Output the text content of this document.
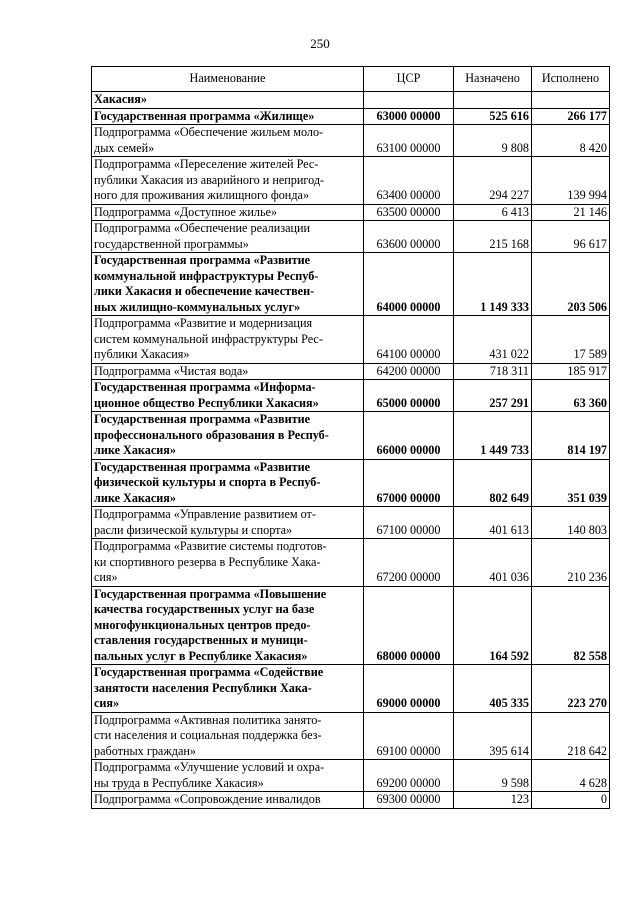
250
Наименование	ЦСР	Назначено	Исполнено
Хакасия»			
Государственная программа «Жилище»	63000 00000	525 616	266 177
Подпрограмма «Обеспечение жильем моло-
дых семей»	63100 00000	9 808	8 420
Подпрограмма «Переселение жителей Рес-
публики Хакасия из аварийного и непригод-
ного для проживания жилищного фонда»	63400 00000	294 227	139 994
Подпрограмма «Доступное жилье»	63500 00000	6 413	21 146
Подпрограмма «Обеспечение реализации
государственной программы»	63600 00000	215 168	96 617
Государственная программа «Развитие
коммунальной инфраструктуры Респуб-
лики Хакасия и обеспечение качествен-
ных жилищно-коммунальных услуг»	64000 00000	1 149 333	203 506
Подпрограмма «Развитие и модернизация
систем коммунальной инфраструктуры Рес-
публики Хакасия»	64100 00000	431 022	17 589
Подпрограмма «Чистая вода»	64200 00000	718 311	185 917
Государственная программа «Информа-
ционное общество Республики Хакасия»	65000 00000	257 291	63 360
Государственная программа «Развитие
профессионального образования в Респуб-
лике Хакасия»	66000 00000	1 449 733	814 197
Государственная программа «Развитие
физической культуры и спорта в Респуб-
лике Хакасия»	67000 00000	802 649	351 039
Подпрограмма «Управление развитием от-
расли физической культуры и спорта»	67100 00000	401 613	140 803
Подпрограмма «Развитие системы подготов-
ки спортивного резерва в Республике Хака-
сия»	67200 00000	401 036	210 236
Государственная программа «Повышение
качества государственных услуг на базе
многофункциональных центров предо-
ставления государственных и муници-
пальных услуг в Республике Хакасия»	68000 00000	164 592	82 558
Государственная программа «Содействие
занятости населения Республики Хака-
сия»	69000 00000	405 335	223 270
Подпрограмма «Активная политика занято-
сти населения и социальная поддержка без-
работных граждан»	69100 00000	395 614	218 642
Подпрограмма «Улучшение условий и охра-
ны труда в Республике Хакасия»	69200 00000	9 598	4 628
Подпрограмма «Сопровождение инвалидов	69300 00000	123	0
